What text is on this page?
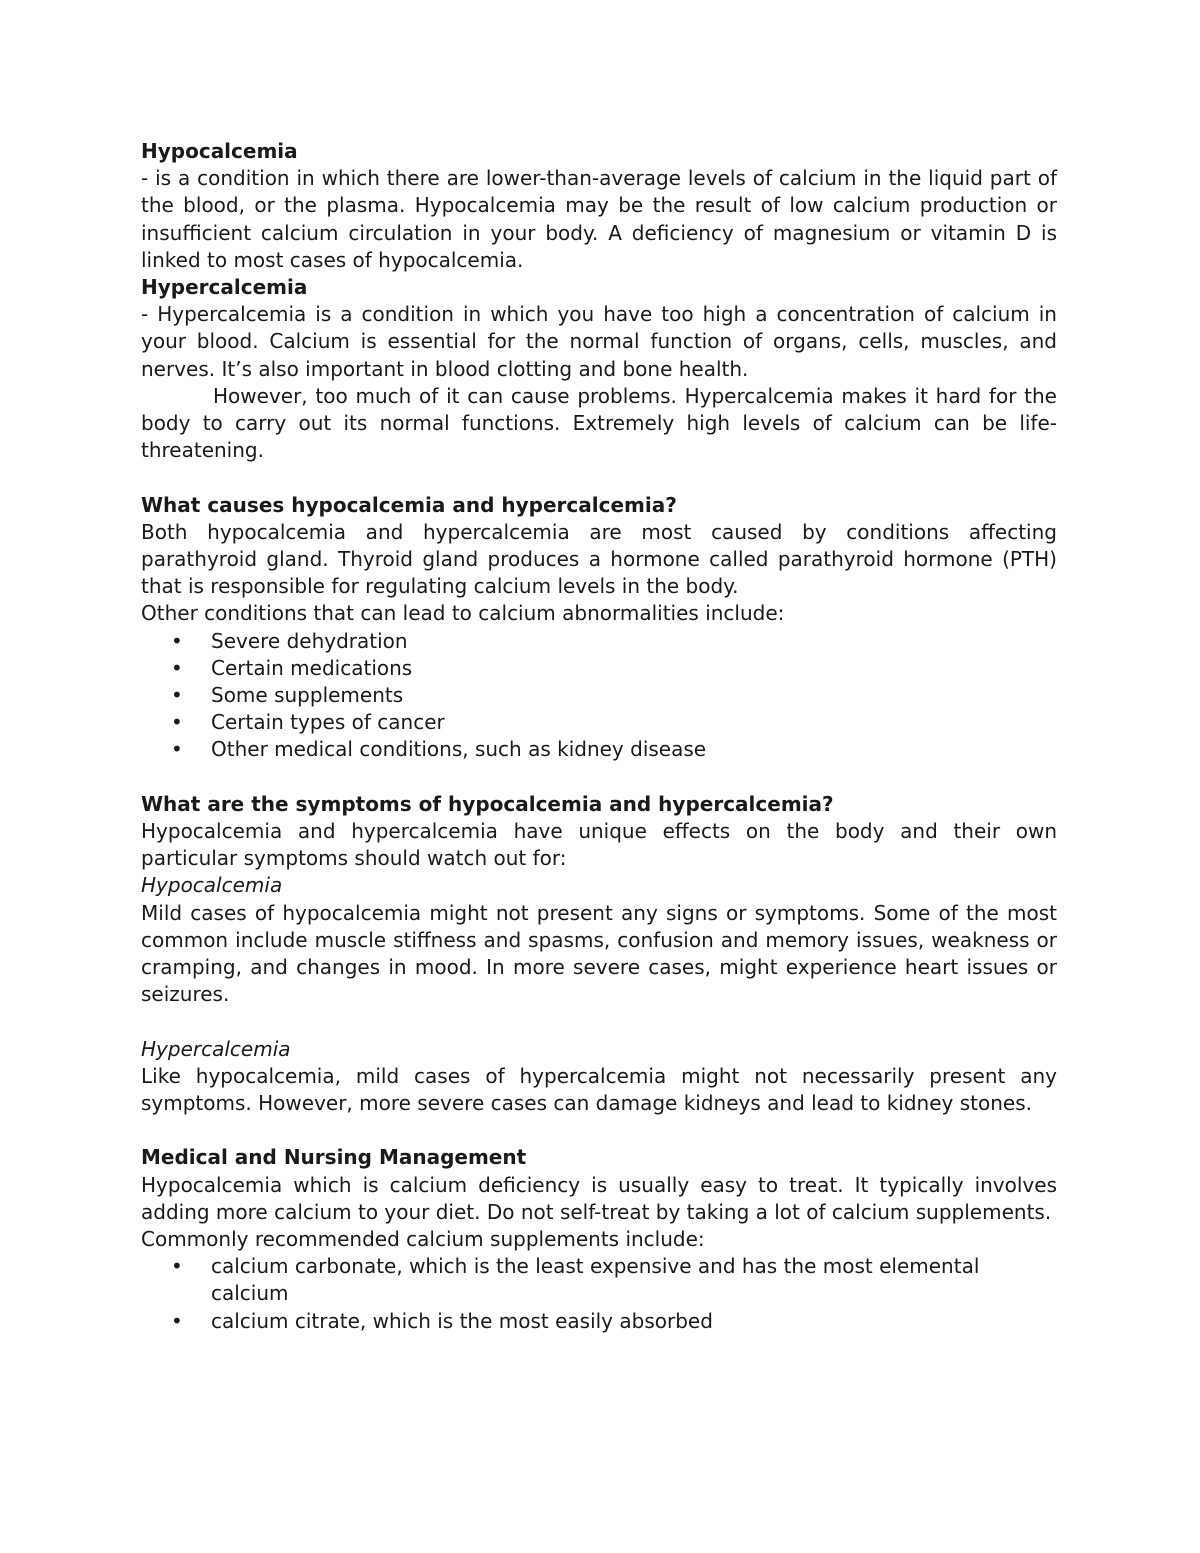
Hypocalcemia

- is a condition in which there are lower-than-average levels of calcium in the liquid part of the blood, or the plasma. Hypocalcemia may be the result of low calcium production or insufficient calcium circulation in your body. A deficiency of magnesium or vitamin D is linked to most cases of hypocalcemia.

Hypercalcemia

- Hypercalcemia is a condition in which you have too high a concentration of calcium in your blood. Calcium is essential for the normal function of organs, cells, muscles, and nerves. It’s also important in blood clotting and bone health.

However, too much of it can cause problems. Hypercalcemia makes it hard for the body to carry out its normal functions. Extremely high levels of calcium can be life-threatening.

What causes hypocalcemia and hypercalcemia?

Both hypocalcemia and hypercalcemia are most caused by conditions affecting parathyroid gland. Thyroid gland produces a hormone called parathyroid hormone (PTH) that is responsible for regulating calcium levels in the body.

Other conditions that can lead to calcium abnormalities include:

• Severe dehydration
• Certain medications
• Some supplements
• Certain types of cancer
• Other medical conditions, such as kidney disease

What are the symptoms of hypocalcemia and hypercalcemia?

Hypocalcemia and hypercalcemia have unique effects on the body and their own particular symptoms should watch out for:

Hypocalcemia

Mild cases of hypocalcemia might not present any signs or symptoms. Some of the most common include muscle stiffness and spasms, confusion and memory issues, weakness or cramping, and changes in mood. In more severe cases, might experience heart issues or seizures.

Hypercalcemia

Like hypocalcemia, mild cases of hypercalcemia might not necessarily present any symptoms. However, more severe cases can damage kidneys and lead to kidney stones.

Medical and Nursing Management

Hypocalcemia which is calcium deficiency is usually easy to treat. It typically involves adding more calcium to your diet. Do not self-treat by taking a lot of calcium supplements.

Commonly recommended calcium supplements include:

• calcium carbonate, which is the least expensive and has the most elemental calcium
• calcium citrate, which is the most easily absorbed
